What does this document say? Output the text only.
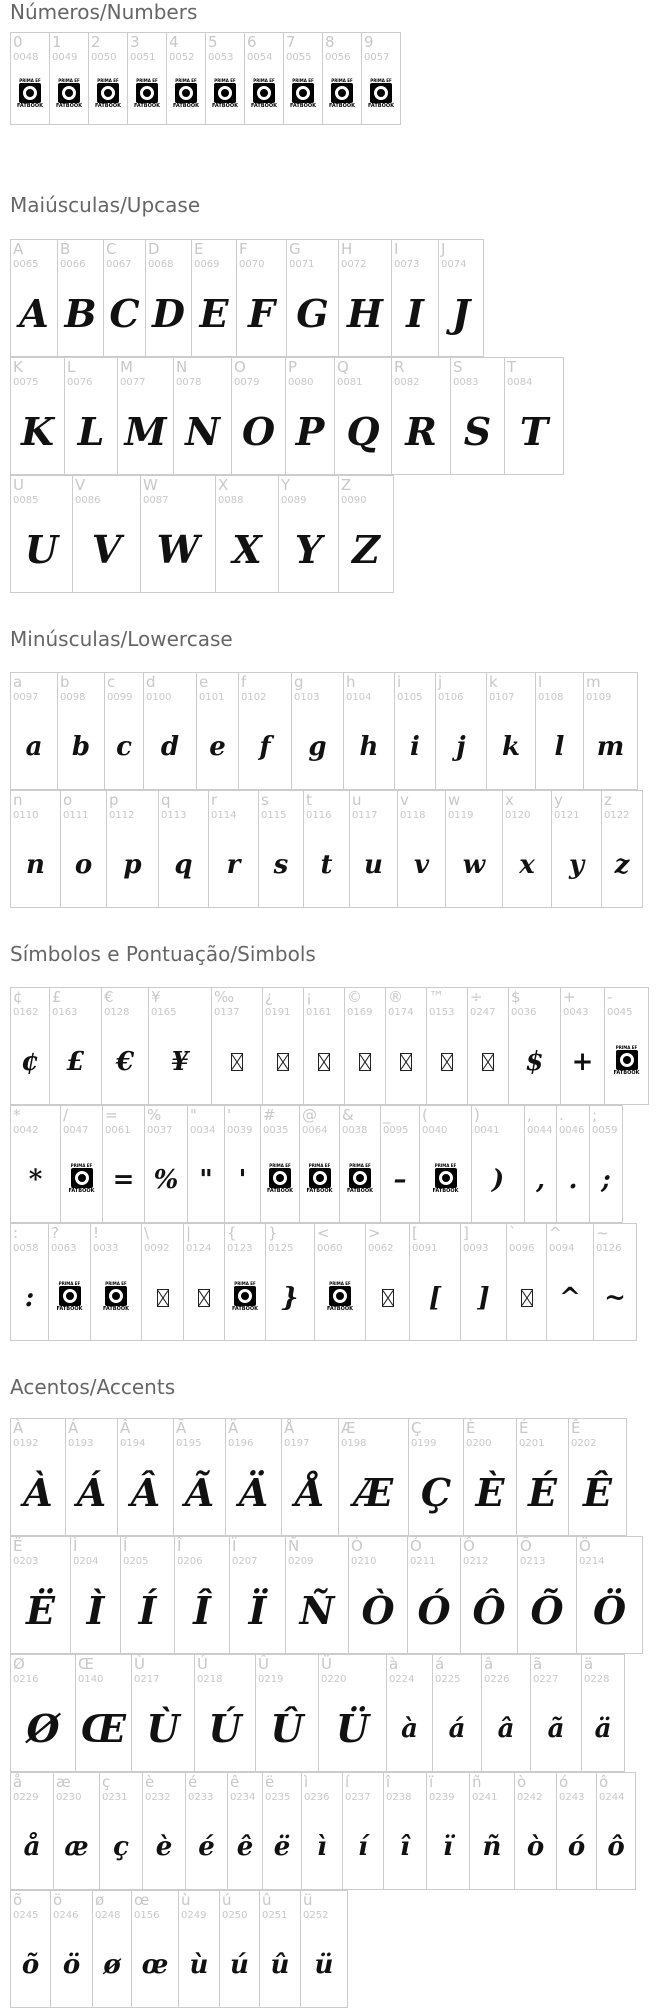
Números/Numbers
0
0048
PRIMA EF
FATBOOK
1
0049
PRIMA EF
FATBOOK
2
0050
PRIMA EF
FATBOOK
3
0051
PRIMA EF
FATBOOK
4
0052
PRIMA EF
FATBOOK
5
0053
PRIMA EF
FATBOOK
6
0054
PRIMA EF
FATBOOK
7
0055
PRIMA EF
FATBOOK
8
0056
PRIMA EF
FATBOOK
9
0057
PRIMA EF
FATBOOK
Maiúsculas/Upcase
A
0065
A
B
0066
B
C
0067
C
D
0068
D
E
0069
E
F
0070
F
G
0071
G
H
0072
H
I
0073
I
J
0074
J
K
0075
K
L
0076
L
M
0077
M
N
0078
N
O
0079
O
P
0080
P
Q
0081
Q
R
0082
R
S
0083
S
T
0084
T
U
0085
U
V
0086
V
W
0087
W
X
0088
X
Y
0089
Y
Z
0090
Z
Minúsculas/Lowercase
a
0097
a
b
0098
b
c
0099
c
d
0100
d
e
0101
e
f
0102
f
g
0103
g
h
0104
h
i
0105
i
j
0106
j
k
0107
k
l
0108
l
m
0109
m
n
0110
n
o
0111
o
p
0112
p
q
0113
q
r
0114
r
s
0115
s
t
0116
t
u
0117
u
v
0118
v
w
0119
w
x
0120
x
y
0121
y
z
0122
z
Símbolos e Pontuação/Simbols
¢
0162
¢
£
0163
£
€
0128
€
¥
0165
¥
‰
0137
¿
0191
¡
0161
©
0169
®
0174
™
0153
÷
0247
$
0036
$
+
0043
+
-
0045
PRIMA EF
FATBOOK
*
0042
*
/
0047
PRIMA EF
FATBOOK
=
0061
=
%
0037
%
"
0034
"
'
0039
'
#
0035
PRIMA EF
FATBOOK
@
0064
PRIMA EF
FATBOOK
&
0038
PRIMA EF
FATBOOK
_
0095
–
(
0040
PRIMA EF
FATBOOK
)
0041
)
,
0044
,
.
0046
.
;
0059
;
:
0058
:
?
0063
PRIMA EF
FATBOOK
!
0033
PRIMA EF
FATBOOK
\
0092
|
0124
{
0123
PRIMA EF
FATBOOK
}
0125
}
<
0060
PRIMA EF
FATBOOK
>
0062
[
0091
[
]
0093
]
`
0096
^
0094
^
~
0126
~
Acentos/Accents
À
0192
À
Á
0193
Á
Â
0194
Â
Ã
0195
Ã
Ä
0196
Ä
Å
0197
Å
Æ
0198
Æ
Ç
0199
Ç
È
0200
È
É
0201
É
Ê
0202
Ê
Ë
0203
Ë
Ì
0204
Ì
Í
0205
Í
Î
0206
Î
Ï
0207
Ï
Ñ
0209
Ñ
Ò
0210
Ò
Ó
0211
Ó
Ô
0212
Ô
Õ
0213
Õ
Ö
0214
Ö
Ø
0216
Ø
Œ
0140
Œ
Ù
0217
Ù
Ú
0218
Ú
Û
0219
Û
Ü
0220
Ü
à
0224
à
á
0225
á
â
0226
â
ã
0227
ã
ä
0228
ä
å
0229
å
æ
0230
æ
ç
0231
ç
è
0232
è
é
0233
é
ê
0234
ê
ë
0235
ë
ì
0236
ì
í
0237
í
î
0238
î
ï
0239
ï
ñ
0241
ñ
ò
0242
ò
ó
0243
ó
ô
0244
ô
õ
0245
õ
ö
0246
ö
ø
0248
ø
œ
0156
œ
ù
0249
ù
ú
0250
ú
û
0251
û
ü
0252
ü
